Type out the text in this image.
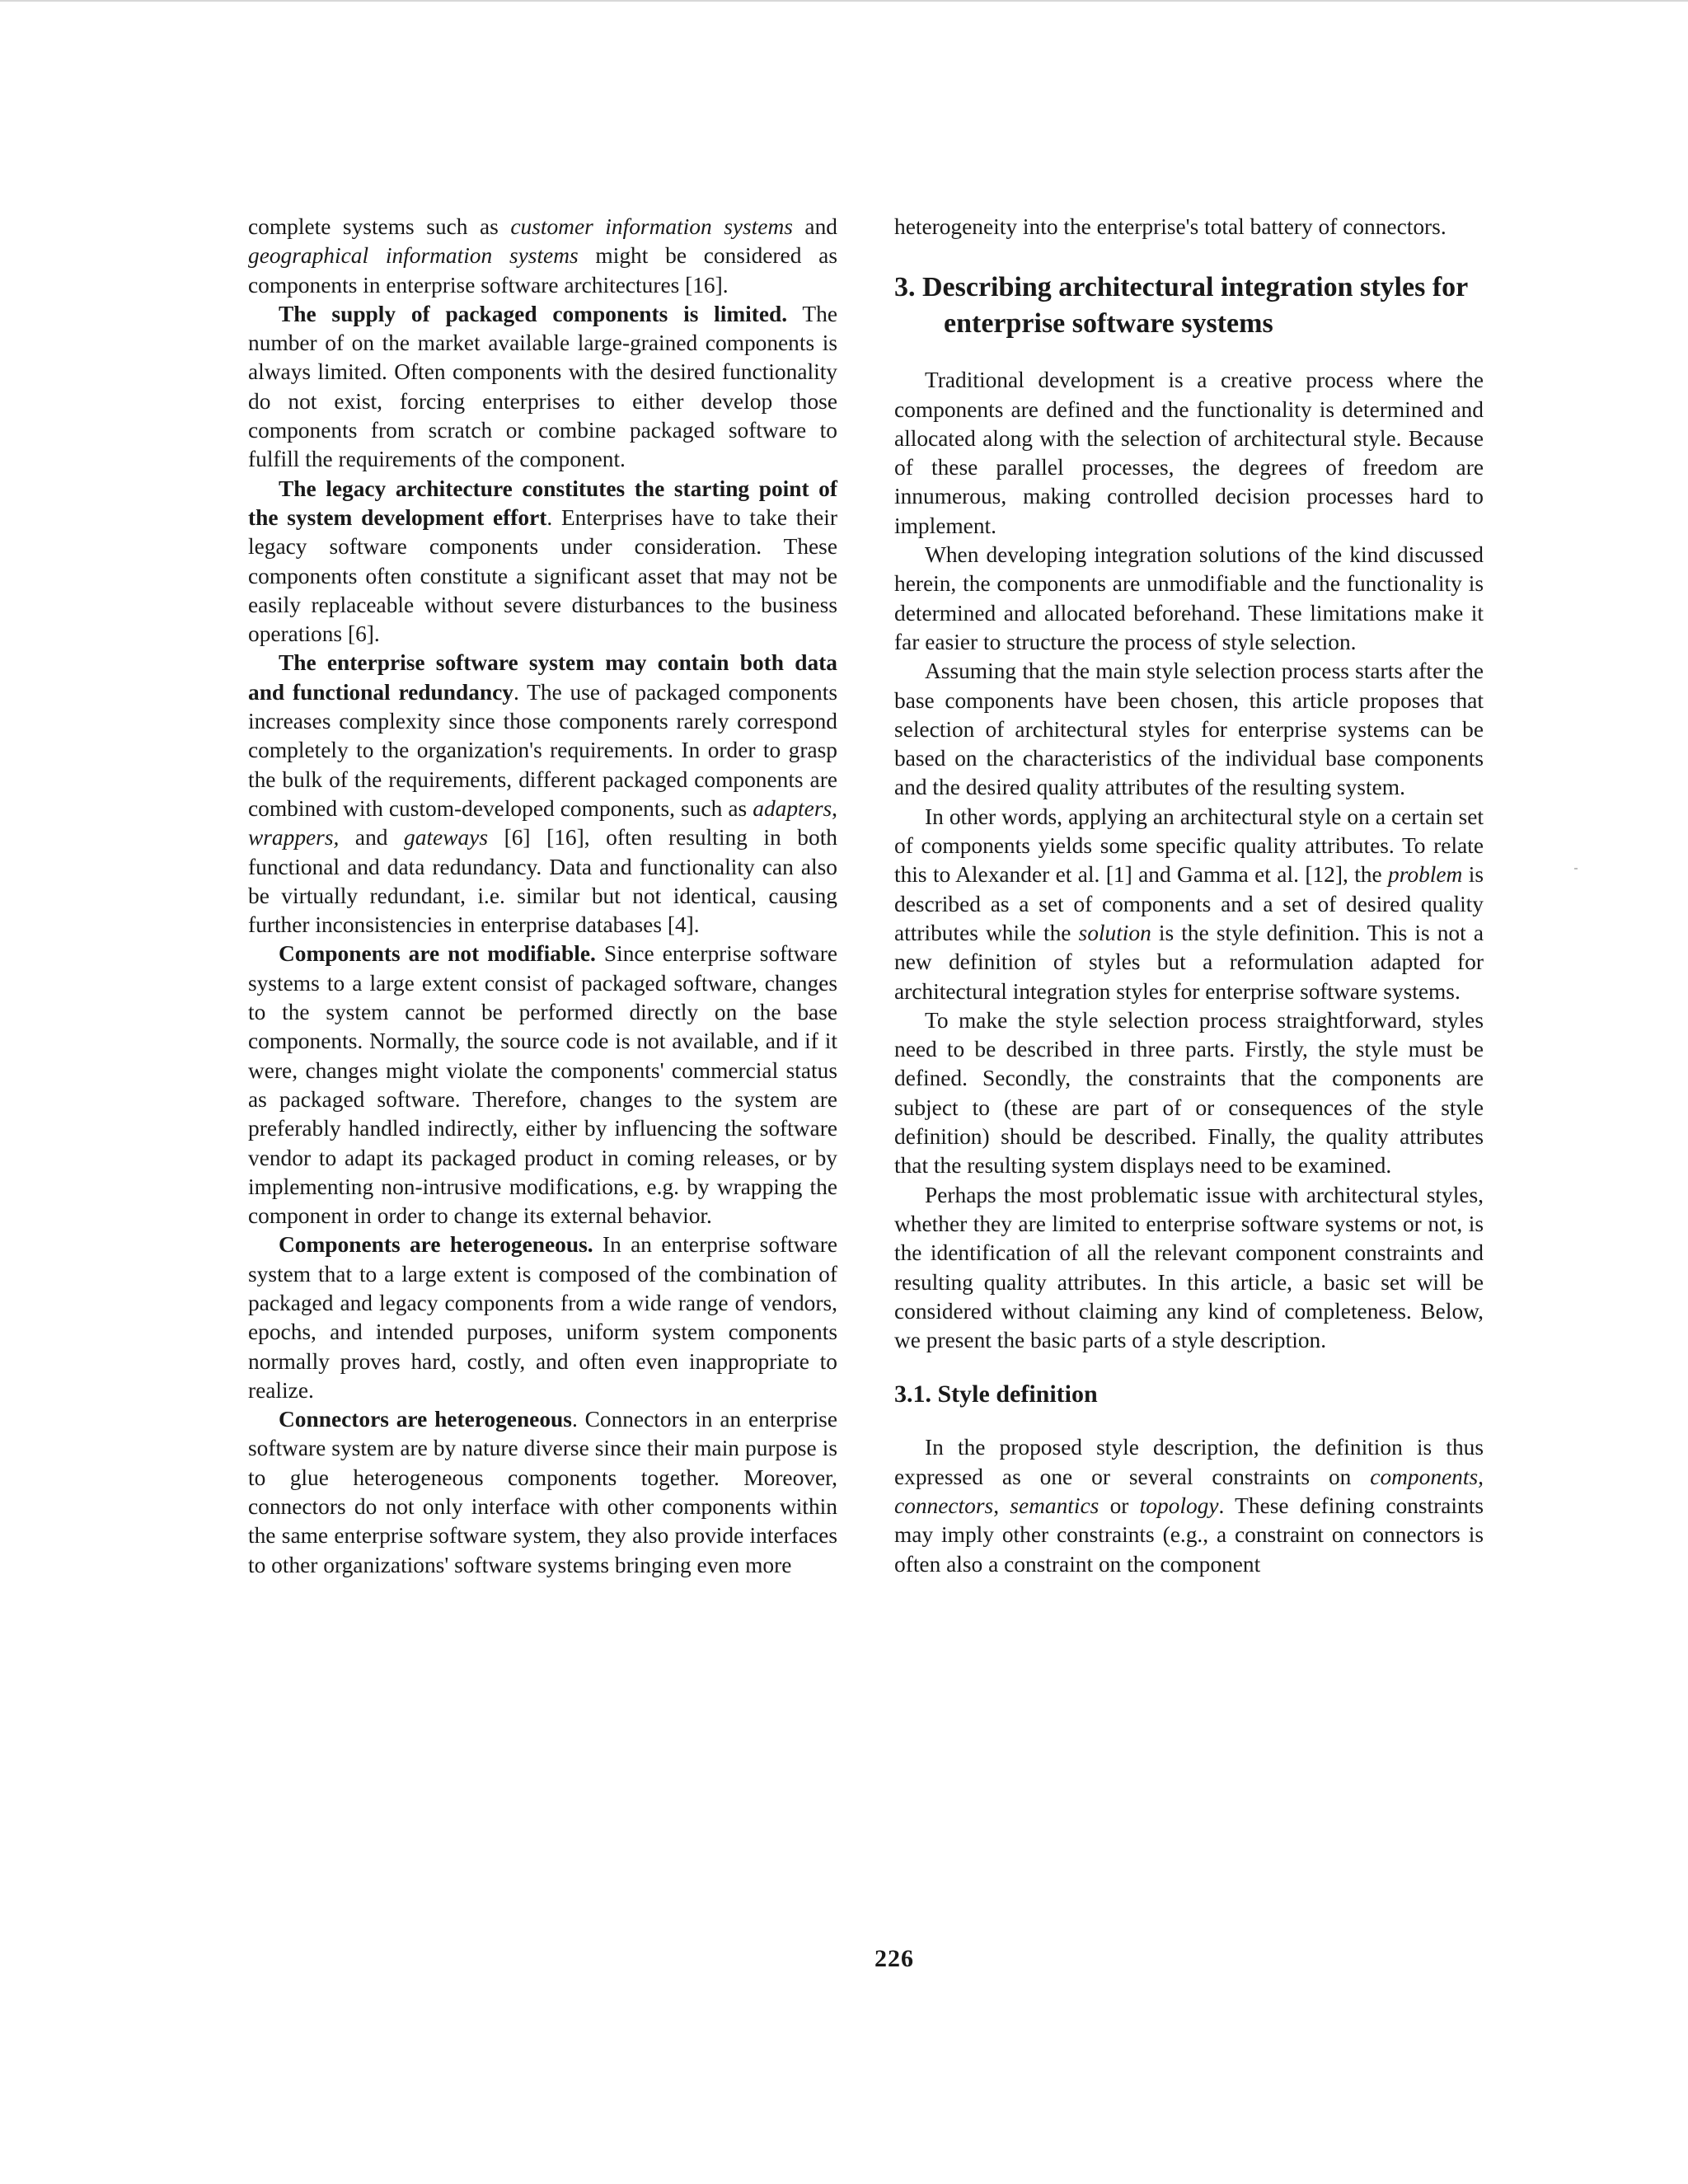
complete systems such as customer information systems and geographical information systems might be considered as components in enterprise software architectures [16].

The supply of packaged components is limited. The number of on the market available large-grained components is always limited. Often components with the desired functionality do not exist, forcing enterprises to either develop those components from scratch or combine packaged software to fulfill the requirements of the component.

The legacy architecture constitutes the starting point of the system development effort. Enterprises have to take their legacy software components under consideration. These components often constitute a significant asset that may not be easily replaceable without severe disturbances to the business operations [6].

The enterprise software system may contain both data and functional redundancy. The use of packaged components increases complexity since those components rarely correspond completely to the organization's requirements. In order to grasp the bulk of the requirements, different packaged components are combined with custom-developed components, such as adapters, wrappers, and gateways [6] [16], often resulting in both functional and data redundancy. Data and functionality can also be virtually redundant, i.e. similar but not identical, causing further inconsistencies in enterprise databases [4].

Components are not modifiable. Since enterprise software systems to a large extent consist of packaged software, changes to the system cannot be performed directly on the base components. Normally, the source code is not available, and if it were, changes might violate the components' commercial status as packaged software. Therefore, changes to the system are preferably handled indirectly, either by influencing the software vendor to adapt its packaged product in coming releases, or by implementing non-intrusive modifications, e.g. by wrapping the component in order to change its external behavior.

Components are heterogeneous. In an enterprise software system that to a large extent is composed of the combination of packaged and legacy components from a wide range of vendors, epochs, and intended purposes, uniform system components normally proves hard, costly, and often even inappropriate to realize.

Connectors are heterogeneous. Connectors in an enterprise software system are by nature diverse since their main purpose is to glue heterogeneous components together. Moreover, connectors do not only interface with other components within the same enterprise software system, they also provide interfaces to other organizations' software systems bringing even more

heterogeneity into the enterprise's total battery of connectors.

3. Describing architectural integration styles for enterprise software systems

Traditional development is a creative process where the components are defined and the functionality is determined and allocated along with the selection of architectural style. Because of these parallel processes, the degrees of freedom are innumerous, making controlled decision processes hard to implement.

When developing integration solutions of the kind discussed herein, the components are unmodifiable and the functionality is determined and allocated beforehand. These limitations make it far easier to structure the process of style selection.

Assuming that the main style selection process starts after the base components have been chosen, this article proposes that selection of architectural styles for enterprise systems can be based on the characteristics of the individual base components and the desired quality attributes of the resulting system.

In other words, applying an architectural style on a certain set of components yields some specific quality attributes. To relate this to Alexander et al. [1] and Gamma et al. [12], the problem is described as a set of components and a set of desired quality attributes while the solution is the style definition. This is not a new definition of styles but a reformulation adapted for architectural integration styles for enterprise software systems.

To make the style selection process straightforward, styles need to be described in three parts. Firstly, the style must be defined. Secondly, the constraints that the components are subject to (these are part of or consequences of the style definition) should be described. Finally, the quality attributes that the resulting system displays need to be examined.

Perhaps the most problematic issue with architectural styles, whether they are limited to enterprise software systems or not, is the identification of all the relevant component constraints and resulting quality attributes. In this article, a basic set will be considered without claiming any kind of completeness. Below, we present the basic parts of a style description.

3.1. Style definition

In the proposed style description, the definition is thus expressed as one or several constraints on components, connectors, semantics or topology. These defining constraints may imply other constraints (e.g., a constraint on connectors is often also a constraint on the component

226
